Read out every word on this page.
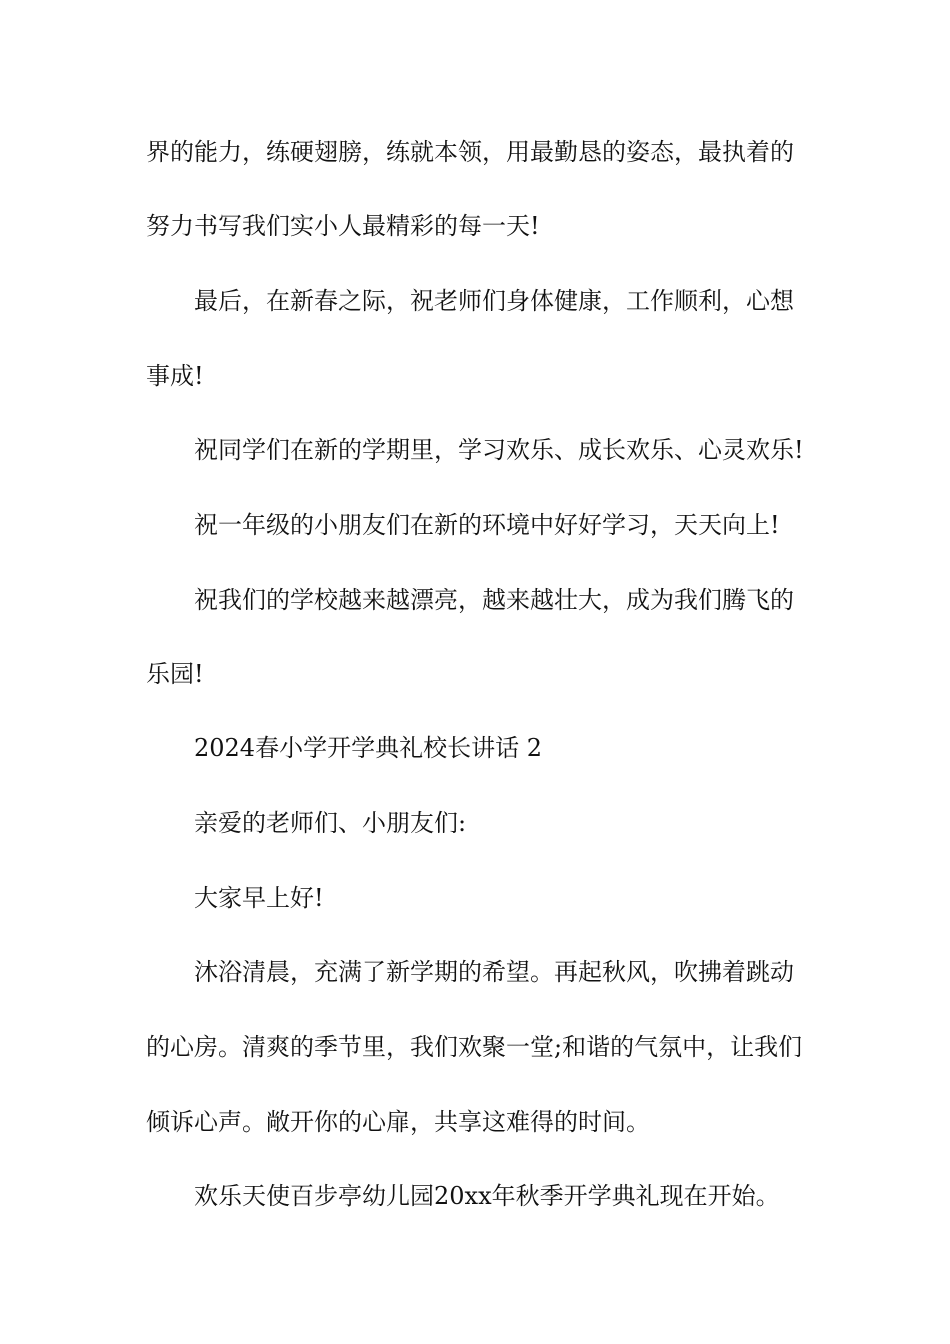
界的能力，练硬翅膀，练就本领，用最勤恳的姿态，最执着的

努力书写我们实小人最精彩的每一天!

最后，在新春之际，祝老师们身体健康，工作顺利，心想

事成!

祝同学们在新的学期里，学习欢乐、成长欢乐、心灵欢乐!

祝一年级的小朋友们在新的环境中好好学习，天天向上!

祝我们的学校越来越漂亮，越来越壮大，成为我们腾飞的

乐园!

2024春小学开学典礼校长讲话 2

亲爱的老师们、小朋友们:

大家早上好!

沐浴清晨，充满了新学期的希望。再起秋风，吹拂着跳动

的心房。清爽的季节里，我们欢聚一堂;和谐的气氛中，让我们

倾诉心声。敞开你的心扉，共享这难得的时间。

欢乐天使百步亭幼儿园20xx年秋季开学典礼现在开始。
